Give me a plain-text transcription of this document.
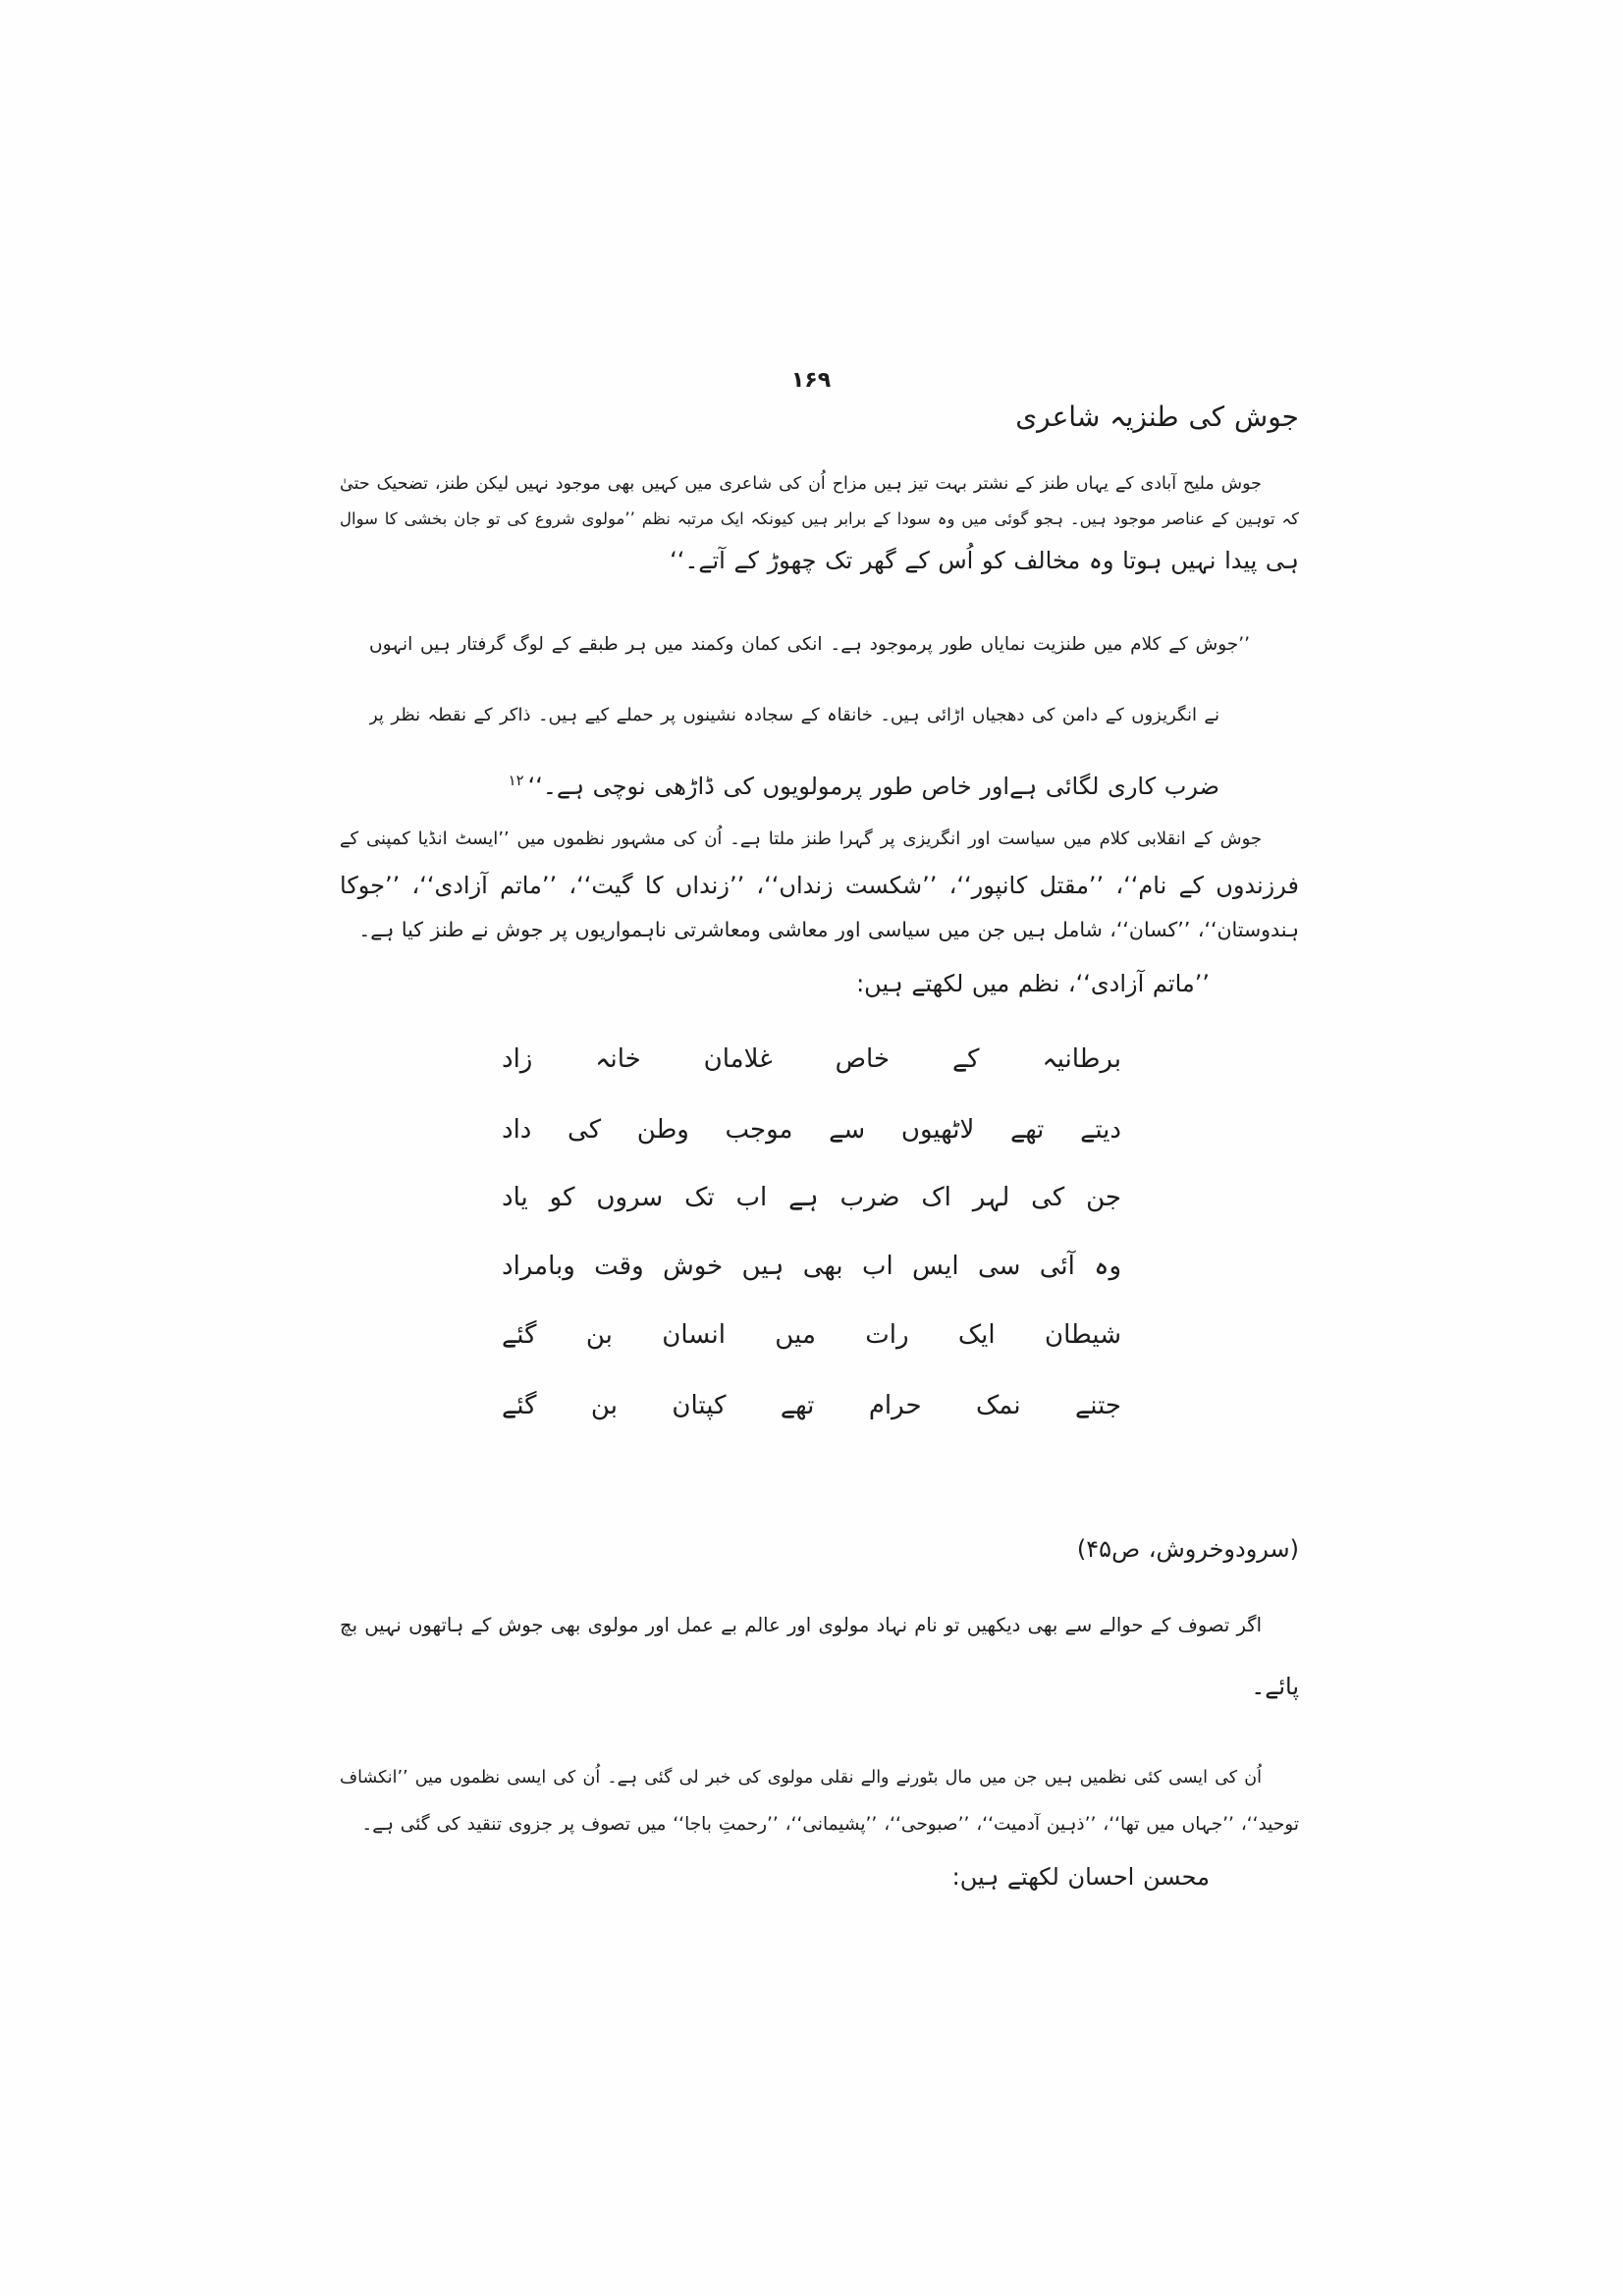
۱۶۹
جوش کی طنزیہ شاعری
جوش ملیح آبادی کے یہاں طنز کے نشتر بہت تیز ہیں مزاح اُن کی شاعری میں کہیں بھی موجود نہیں لیکن طنز، تضحیک حتیٰ
کہ توہین کے عناصر موجود ہیں۔ ہجو گوئی میں وہ سودا کے برابر ہیں کیونکہ ایک مرتبہ نظم ’’مولوی شروع کی تو جان بخشی کا سوال
ہی پیدا نہیں ہوتا وہ مخالف کو اُس کے گھر تک چھوڑ کے آتے۔‘‘
’’جوش کے کلام میں طنزیت نمایاں طور پرموجود ہے۔ انکی کمان وکمند میں ہر طبقے کے لوگ گرفتار ہیں انہوں
نے انگریزوں کے دامن کی دھجیاں اڑائی ہیں۔ خانقاہ کے سجادہ نشینوں پر حملے کیے ہیں۔ ذاکر کے نقطہ نظر پر
ضرب کاری لگائی ہےاور خاص طور پرمولویوں کی ڈاڑھی نوچی ہے۔‘‘$^{۱۲}$
جوش کے انقلابی کلام میں سیاست اور انگریزی پر گہرا طنز ملتا ہے۔ اُن کی مشہور نظموں میں ’’ایسٹ انڈیا کمپنی کے
فرزندوں کے نام‘‘، ’’مقتل کانپور‘‘، ’’شکست زنداں‘‘، ’’زنداں کا گیت‘‘، ’’ماتم آزادی‘‘، ’’جوکا
ہندوستان‘‘، ’’کسان‘‘، شامل ہیں جن میں سیاسی اور معاشی ومعاشرتی ناہمواریوں پر جوش نے طنز کیا ہے۔
’’ماتم آزادی‘‘، نظم میں لکھتے ہیں:
برطانیہ کے خاص غلامان خانہ زاد
دیتے تھے لاٹھیوں سے موجب وطن کی داد
جن کی لہر اک ضرب ہے اب تک سروں کو یاد
وہ آئی سی ایس اب بھی ہیں خوش وقت وبامراد
شیطان ایک رات میں انسان بن گئے
جتنے نمک حرام تھے کپتان بن گئے
(سرودوخروش، ص۴۵)
اگر تصوف کے حوالے سے بھی دیکھیں تو نام نہاد مولوی اور عالم بے عمل اور مولوی بھی جوش کے ہاتھوں نہیں بچ
پائے۔
اُن کی ایسی کئی نظمیں ہیں جن میں مال بٹورنے والے نقلی مولوی کی خبر لی گئی ہے۔ اُن کی ایسی نظموں میں ’’انکشاف
توحید‘‘، ’’جہاں میں تھا‘‘، ’’ذہین آدمیت‘‘، ’’صبوحی‘‘، ’’پشیمانی‘‘، ’’رحمتِ باجا‘‘ میں تصوف پر جزوی تنقید کی گئی ہے۔
محسن احسان لکھتے ہیں:
